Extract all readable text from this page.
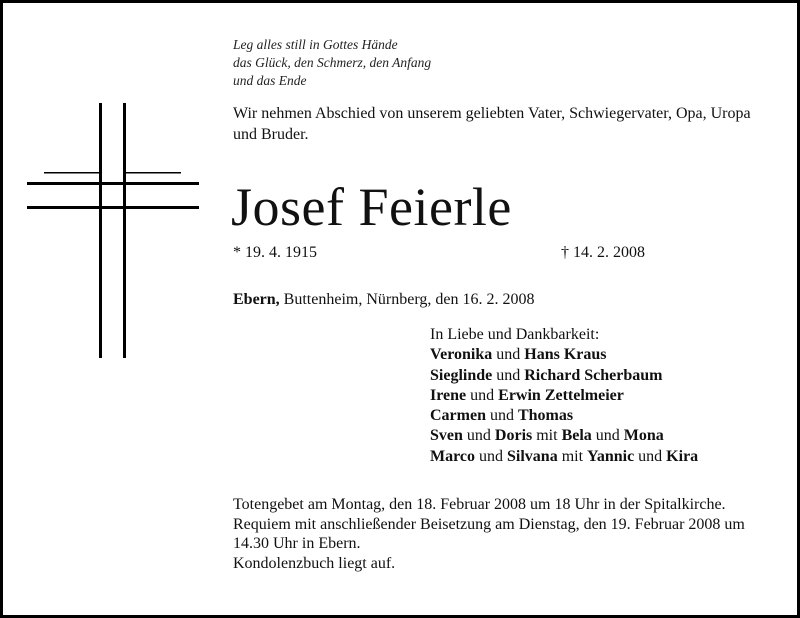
Leg alles still in Gottes Hände
das Glück, den Schmerz, den Anfang
und das Ende
Wir nehmen Abschied von unserem geliebten Vater, Schwiegervater, Opa, Uropa und Bruder.
Josef Feierle
* 19. 4. 1915	† 14. 2. 2008
Ebern, Buttenheim, Nürnberg, den 16. 2. 2008
In Liebe und Dankbarkeit:
Veronika und Hans Kraus
Sieglinde und Richard Scherbaum
Irene und Erwin Zettelmeier
Carmen und Thomas
Sven und Doris mit Bela und Mona
Marco und Silvana mit Yannic und Kira
Totengebet am Montag, den 18. Februar 2008 um 18 Uhr in der Spitalkirche.
Requiem mit anschließender Beisetzung am Dienstag, den 19. Februar 2008 um 14.30 Uhr in Ebern.
Kondolenzbuch liegt auf.
